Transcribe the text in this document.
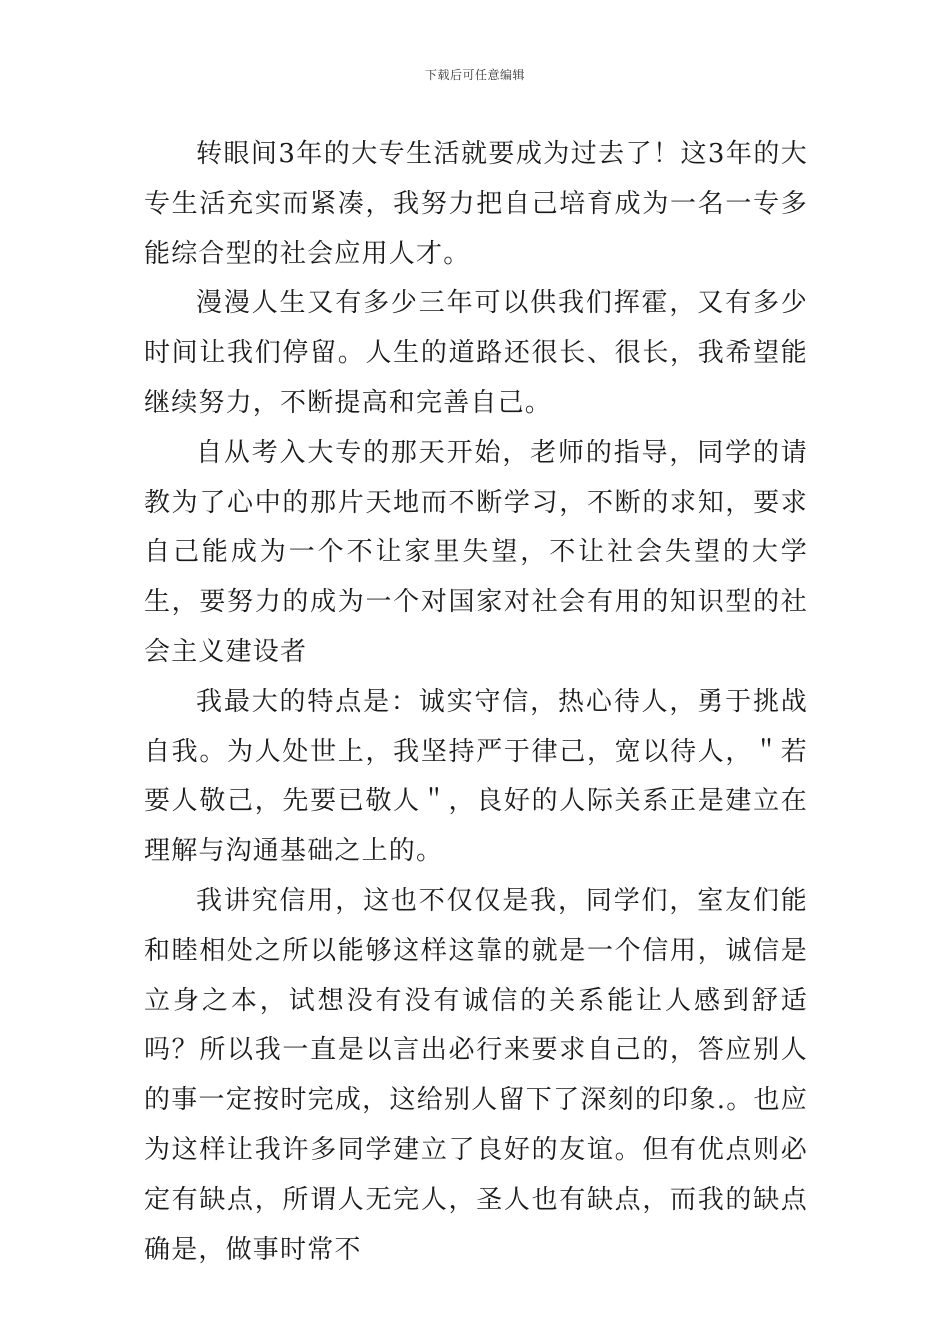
下载后可任意编辑

转眼间3年的大专生活就要成为过去了！这3年的大专生活充实而紧凑，我努力把自己培育成为一名一专多能综合型的社会应用人才。

漫漫人生又有多少三年可以供我们挥霍，又有多少时间让我们停留。人生的道路还很长、很长，我希望能继续努力，不断提高和完善自己。

自从考入大专的那天开始，老师的指导，同学的请教为了心中的那片天地而不断学习，不断的求知，要求自己能成为一个不让家里失望，不让社会失望的大学生，要努力的成为一个对国家对社会有用的知识型的社会主义建设者

我最大的特点是：诚实守信，热心待人，勇于挑战自我。为人处世上，我坚持严于律己，宽以待人，＂若要人敬己，先要已敬人＂，良好的人际关系正是建立在理解与沟通基础之上的。

我讲究信用，这也不仅仅是我，同学们，室友们能和睦相处之所以能够这样这靠的就是一个信用，诚信是立身之本，试想没有没有诚信的关系能让人感到舒适吗？所以我一直是以言出必行来要求自己的，答应别人的事一定按时完成，这给别人留下了深刻的印象.。也应为这样让我许多同学建立了良好的友谊。但有优点则必定有缺点，所谓人无完人，圣人也有缺点，而我的缺点确是，做事时常不
